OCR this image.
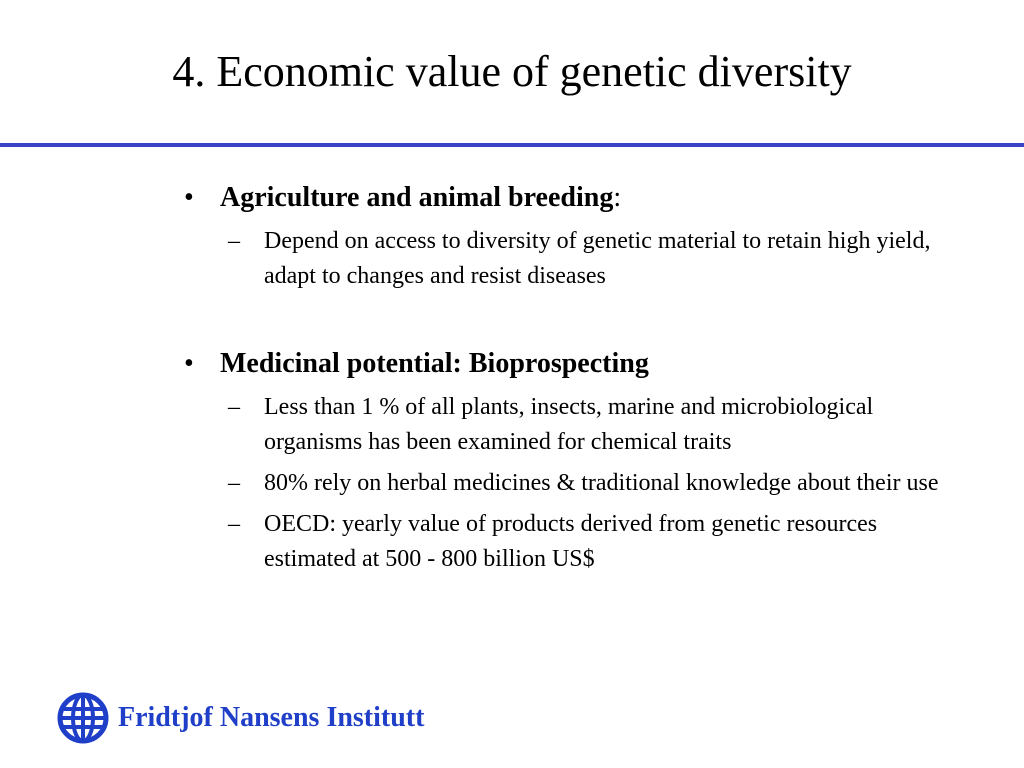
4. Economic value of genetic diversity
• Agriculture and animal breeding:
– Depend on access to diversity of genetic material to retain high yield, adapt to changes and resist diseases
• Medicinal potential: Bioprospecting
– Less than 1 % of all plants, insects, marine and microbiological organisms has been examined for chemical traits
– 80% rely on herbal medicines & traditional knowledge about their use
– OECD: yearly value of products derived from genetic resources estimated at 500 - 800 billion US$
Fridtjof Nansens Institutt
